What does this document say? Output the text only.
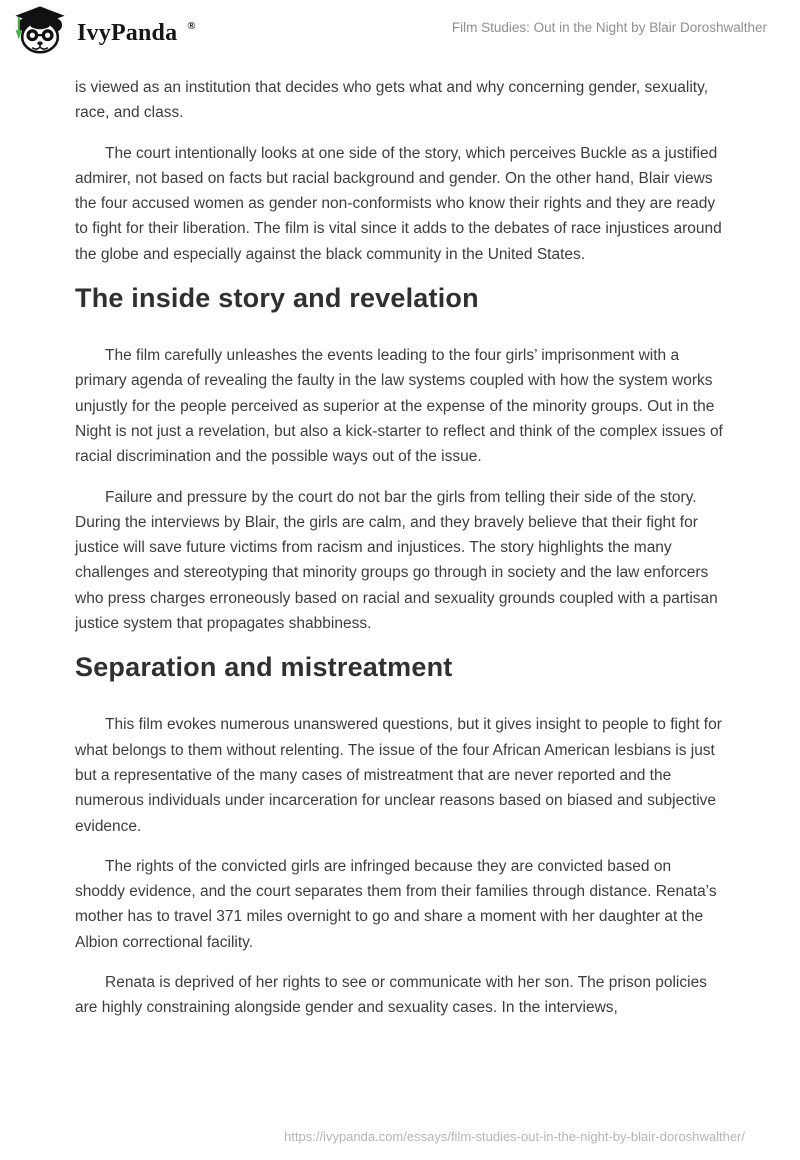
IvyPanda ®	Film Studies: Out in the Night by Blair Doroshwalther

is viewed as an institution that decides who gets what and why concerning gender, sexuality, race, and class.

The court intentionally looks at one side of the story, which perceives Buckle as a justified admirer, not based on facts but racial background and gender. On the other hand, Blair views the four accused women as gender non-conformists who know their rights and they are ready to fight for their liberation. The film is vital since it adds to the debates of race injustices around the globe and especially against the black community in the United States.

The inside story and revelation

The film carefully unleashes the events leading to the four girls’ imprisonment with a primary agenda of revealing the faulty in the law systems coupled with how the system works unjustly for the people perceived as superior at the expense of the minority groups. Out in the Night is not just a revelation, but also a kick-starter to reflect and think of the complex issues of racial discrimination and the possible ways out of the issue.

Failure and pressure by the court do not bar the girls from telling their side of the story. During the interviews by Blair, the girls are calm, and they bravely believe that their fight for justice will save future victims from racism and injustices. The story highlights the many challenges and stereotyping that minority groups go through in society and the law enforcers who press charges erroneously based on racial and sexuality grounds coupled with a partisan justice system that propagates shabbiness.

Separation and mistreatment

This film evokes numerous unanswered questions, but it gives insight to people to fight for what belongs to them without relenting. The issue of the four African American lesbians is just but a representative of the many cases of mistreatment that are never reported and the numerous individuals under incarceration for unclear reasons based on biased and subjective evidence.

The rights of the convicted girls are infringed because they are convicted based on shoddy evidence, and the court separates them from their families through distance. Renata’s mother has to travel 371 miles overnight to go and share a moment with her daughter at the Albion correctional facility.

Renata is deprived of her rights to see or communicate with her son. The prison policies are highly constraining alongside gender and sexuality cases. In the interviews,

https://ivypanda.com/essays/film-studies-out-in-the-night-by-blair-doroshwalther/
